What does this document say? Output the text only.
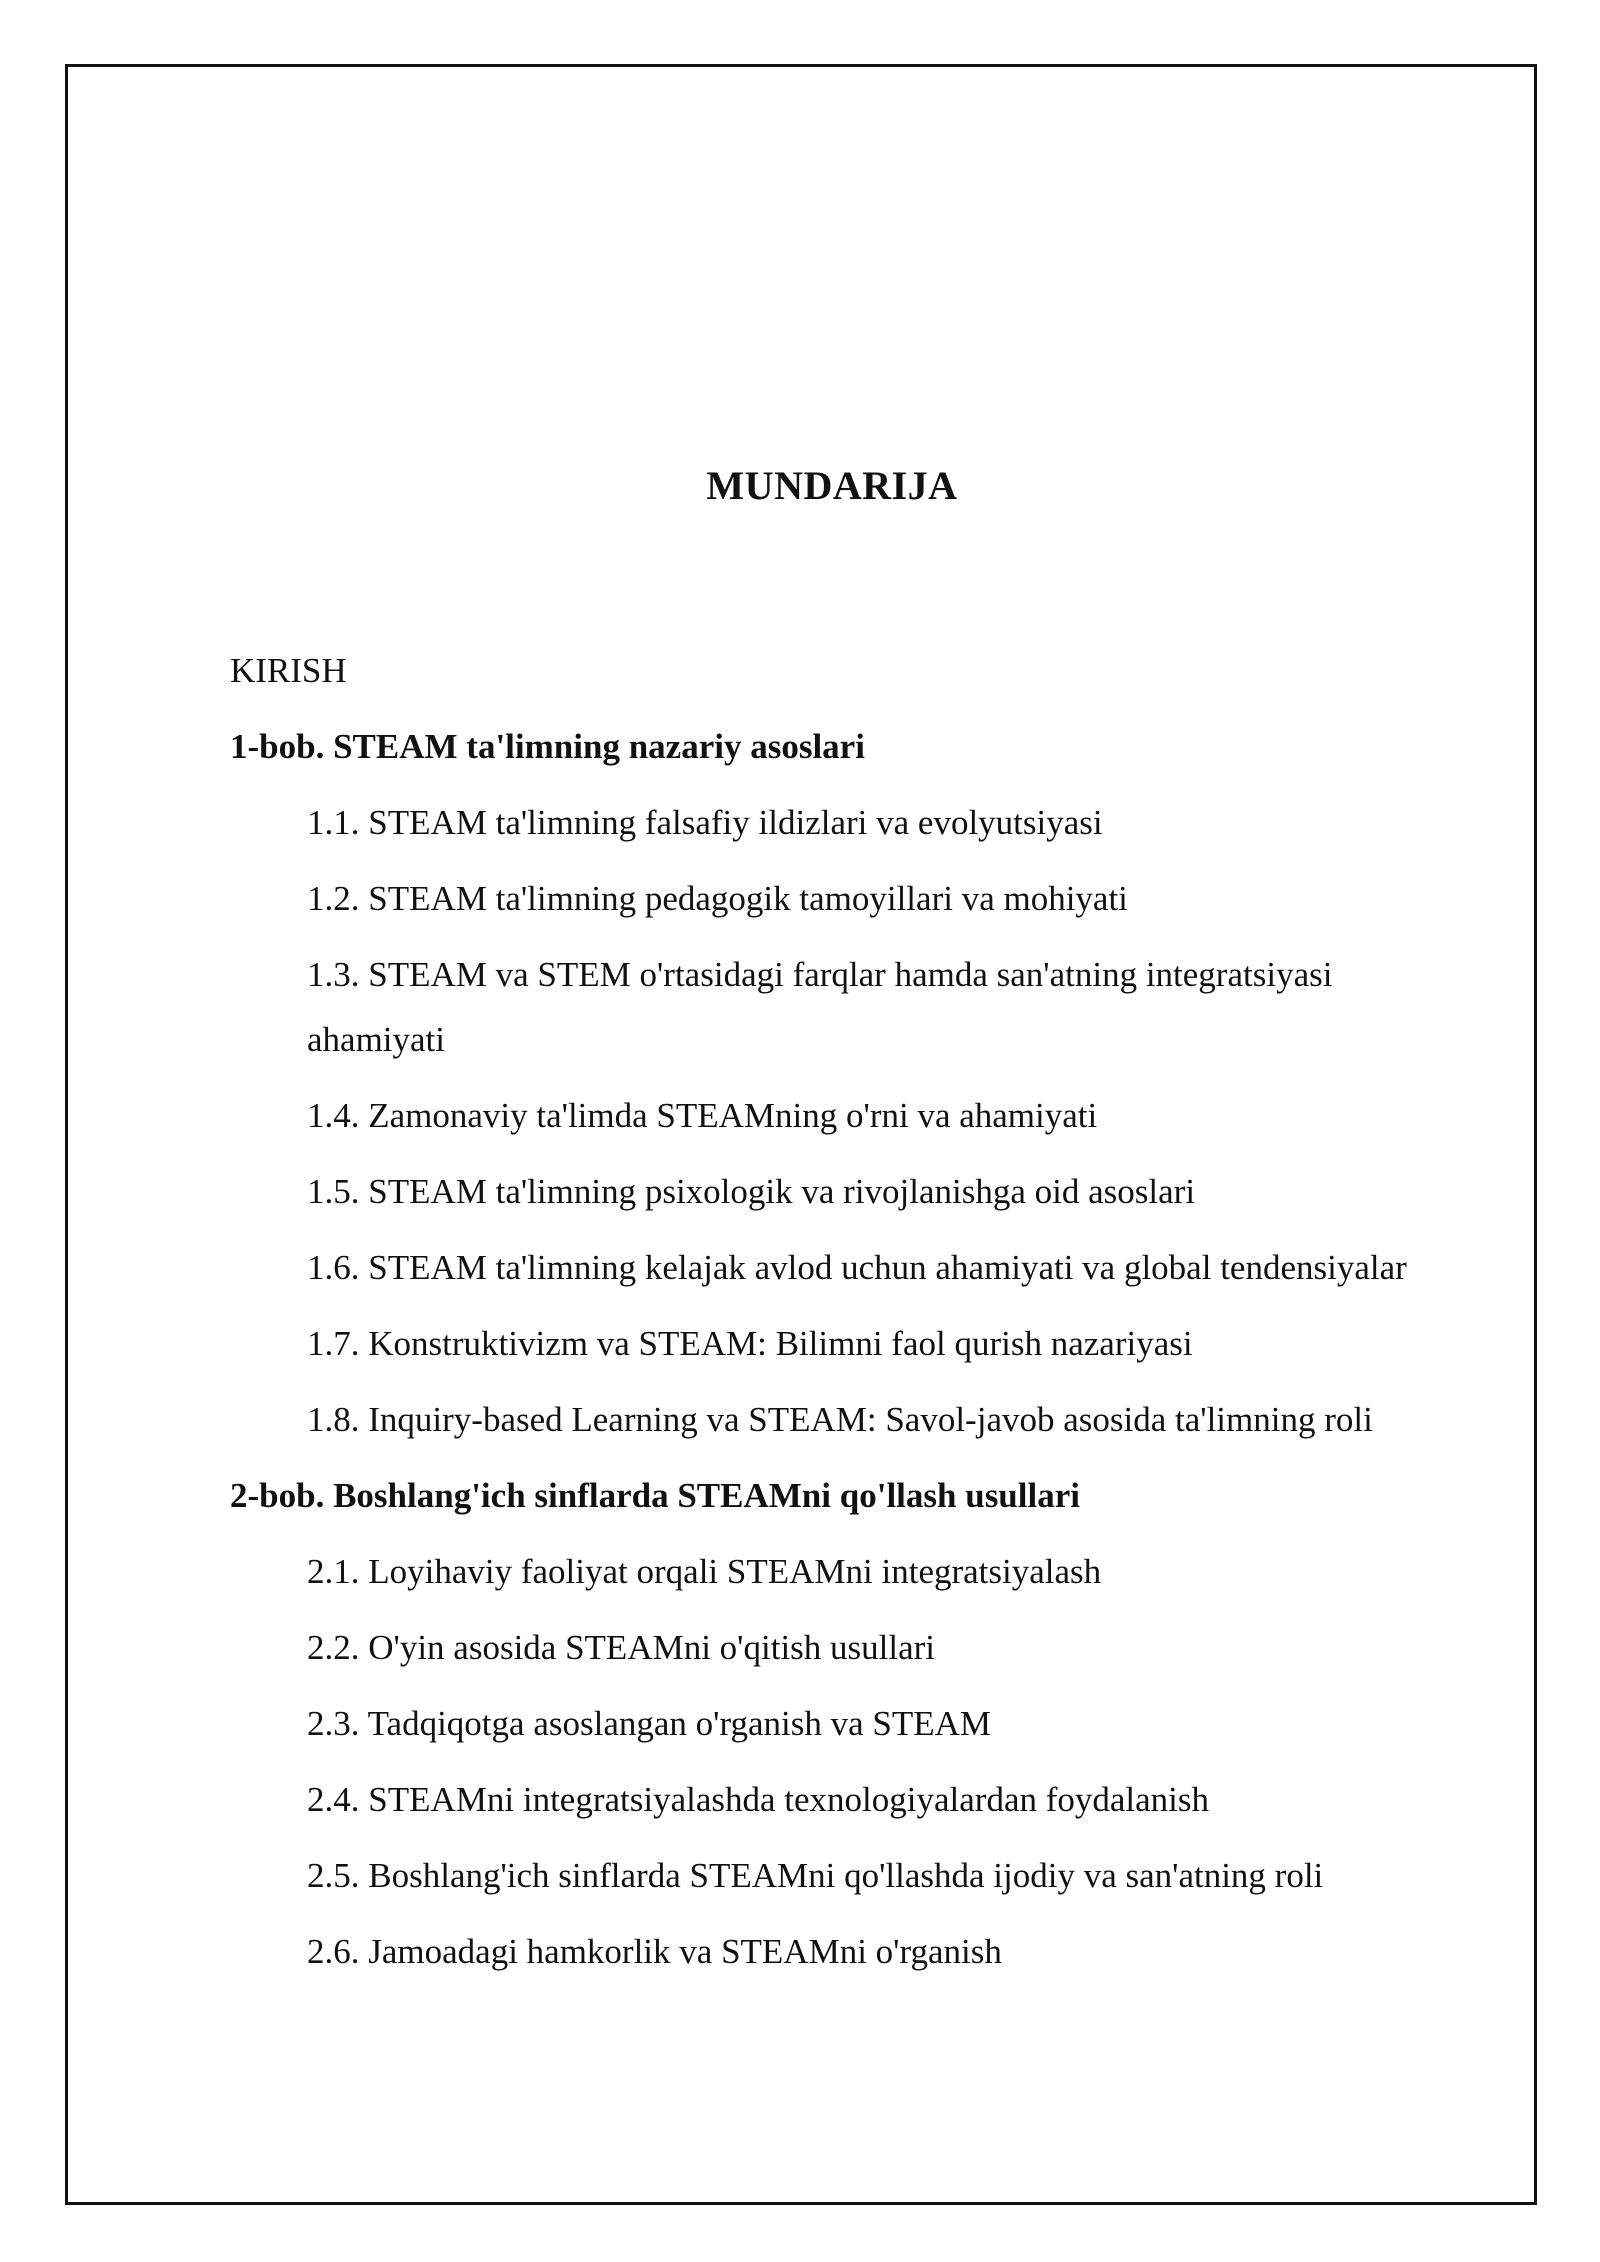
MUNDARIJA
KIRISH
1-bob. STEAM ta'limning nazariy asoslari
1.1. STEAM ta'limning falsafiy ildizlari va evolyutsiyasi
1.2. STEAM ta'limning pedagogik tamoyillari va mohiyati
1.3. STEAM va STEM o'rtasidagi farqlar hamda san'atning integratsiyasi ahamiyati
1.4. Zamonaviy ta'limda STEAMning o'rni va ahamiyati
1.5. STEAM ta'limning psixologik va rivojlanishga oid asoslari
1.6. STEAM ta'limning kelajak avlod uchun ahamiyati va global tendensiyalar
1.7. Konstruktivizm va STEAM: Bilimni faol qurish nazariyasi
1.8. Inquiry-based Learning va STEAM: Savol-javob asosida ta'limning roli
2-bob. Boshlang'ich sinflarda STEAMni qo'llash usullari
2.1. Loyihaviy faoliyat orqali STEAMni integratsiyalash
2.2. O'yin asosida STEAMni o'qitish usullari
2.3. Tadqiqotga asoslangan o'rganish va STEAM
2.4. STEAMni integratsiyalashda texnologiyalardan foydalanish
2.5. Boshlang'ich sinflarda STEAMni qo'llashda ijodiy va san'atning roli
2.6. Jamoadagi hamkorlik va STEAMni o'rganish
